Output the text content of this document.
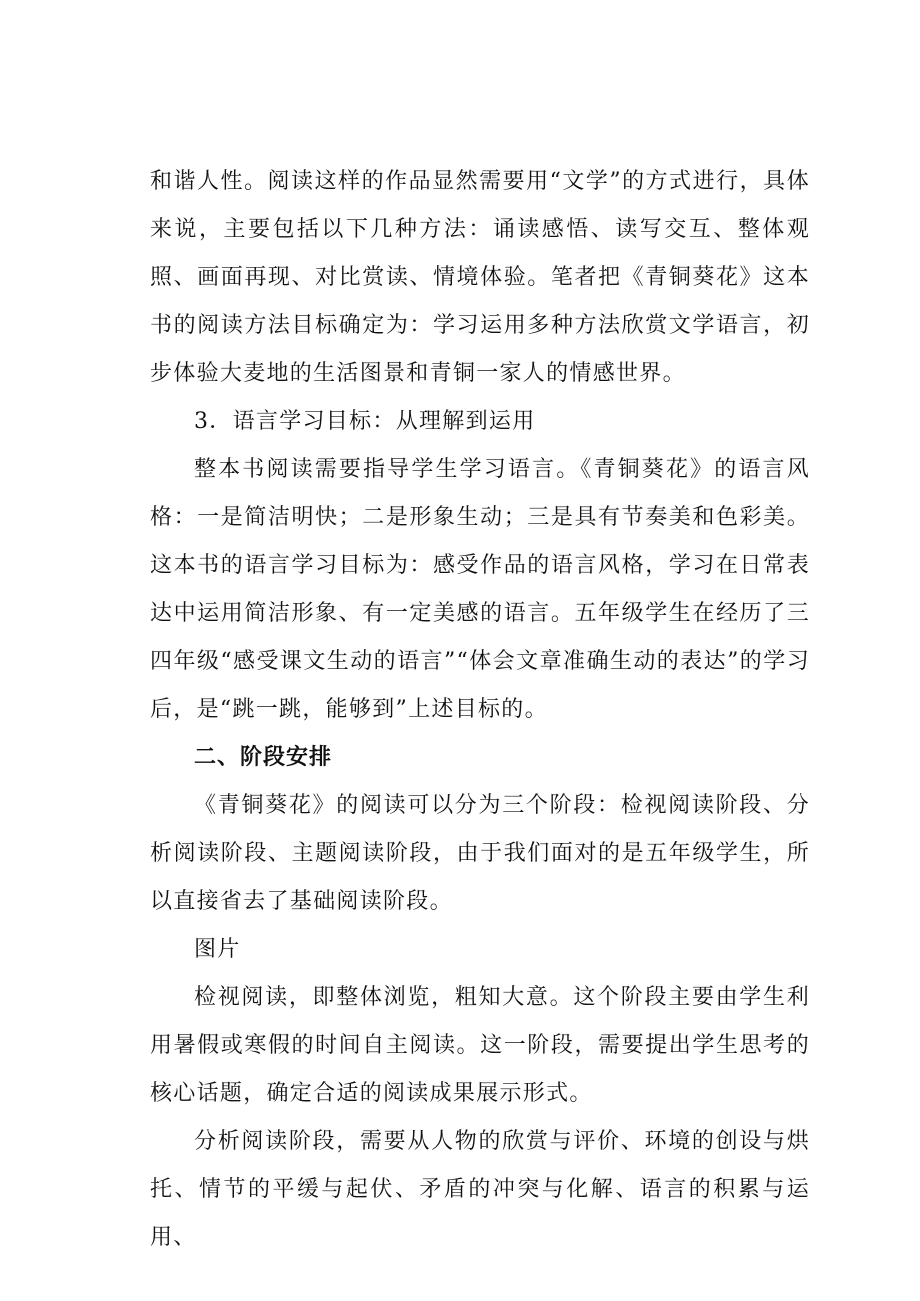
和谐人性。阅读这样的作品显然需要用“文学”的方式进行，具体来说，主要包括以下几种方法：诵读感悟、读写交互、整体观照、画面再现、对比赏读、情境体验。笔者把《青铜葵花》这本书的阅读方法目标确定为：学习运用多种方法欣赏文学语言，初步体验大麦地的生活图景和青铜一家人的情感世界。

3．语言学习目标：从理解到运用

整本书阅读需要指导学生学习语言。《青铜葵花》的语言风格：一是简洁明快；二是形象生动；三是具有节奏美和色彩美。这本书的语言学习目标为：感受作品的语言风格，学习在日常表达中运用简洁形象、有一定美感的语言。五年级学生在经历了三四年级“感受课文生动的语言”“体会文章准确生动的表达”的学习后，是“跳一跳，能够到”上述目标的。

二、阶段安排

《青铜葵花》的阅读可以分为三个阶段：检视阅读阶段、分析阅读阶段、主题阅读阶段，由于我们面对的是五年级学生，所以直接省去了基础阅读阶段。

图片

检视阅读，即整体浏览，粗知大意。这个阶段主要由学生利用暑假或寒假的时间自主阅读。这一阶段，需要提出学生思考的核心话题，确定合适的阅读成果展示形式。

分析阅读阶段，需要从人物的欣赏与评价、环境的创设与烘托、情节的平缓与起伏、矛盾的冲突与化解、语言的积累与运用、
